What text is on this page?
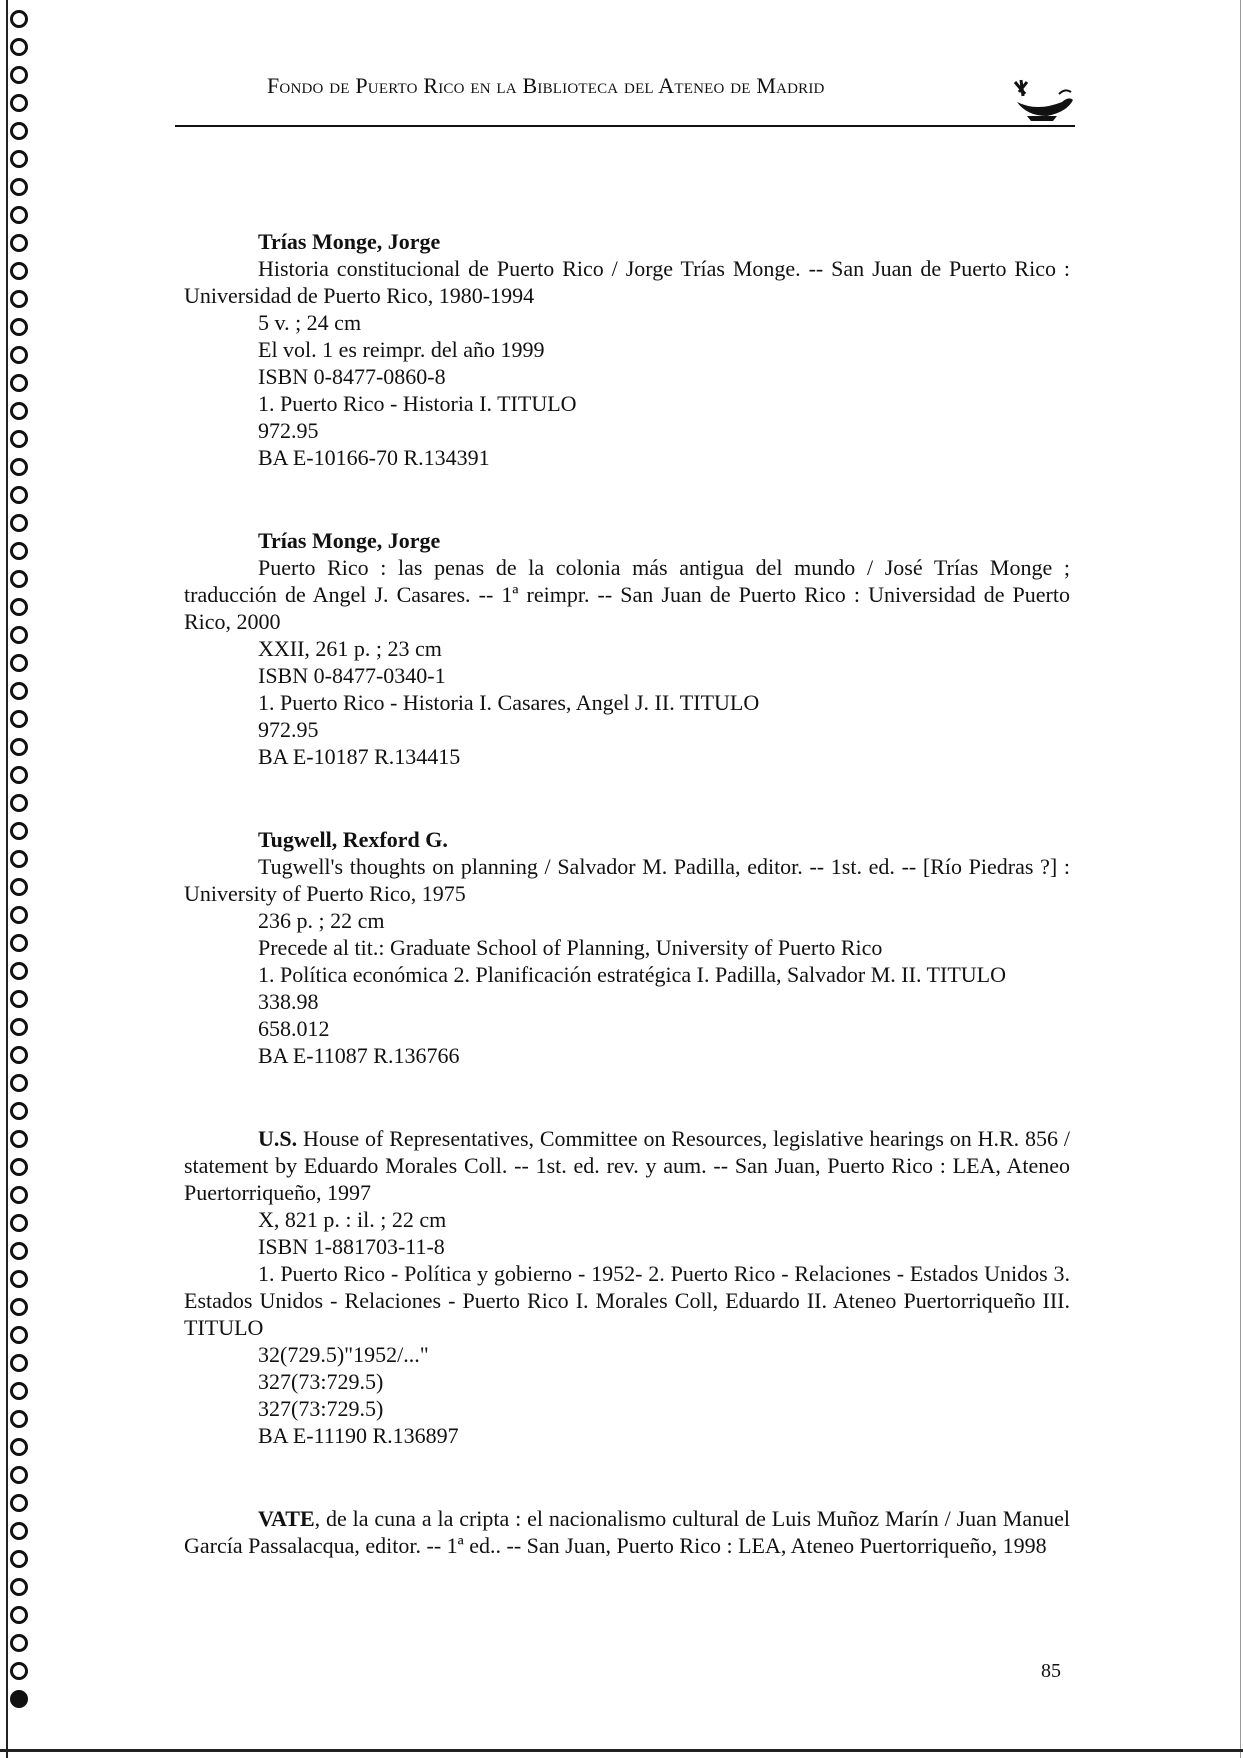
Fondo de Puerto Rico en la Biblioteca del Ateneo de Madrid
Trías Monge, Jorge
Historia constitucional de Puerto Rico / Jorge Trías Monge. -- San Juan de Puerto Rico : Universidad de Puerto Rico, 1980-1994
5 v. ; 24 cm
El vol. 1 es reimpr. del año 1999
ISBN 0-8477-0860-8
1. Puerto Rico - Historia I. TITULO
972.95
BA E-10166-70 R.134391
Trías Monge, Jorge
Puerto Rico : las penas de la colonia más antigua del mundo / José Trías Monge ; traducción de Angel J. Casares. -- 1ª reimpr. -- San Juan de Puerto Rico : Universidad de Puerto Rico, 2000
XXII, 261 p. ; 23 cm
ISBN 0-8477-0340-1
1. Puerto Rico - Historia I. Casares, Angel J. II. TITULO
972.95
BA E-10187 R.134415
Tugwell, Rexford G.
Tugwell's thoughts on planning / Salvador M. Padilla, editor. -- 1st. ed. -- [Río Piedras ?] : University of Puerto Rico, 1975
236 p. ; 22 cm
Precede al tit.: Graduate School of Planning, University of Puerto Rico
1. Política económica 2. Planificación estratégica I. Padilla, Salvador M. II. TITULO
338.98
658.012
BA E-11087 R.136766
U.S. House of Representatives, Committee on Resources, legislative hearings on H.R. 856 / statement by Eduardo Morales Coll. -- 1st. ed. rev. y aum. -- San Juan, Puerto Rico : LEA, Ateneo Puertorriqueño, 1997
X, 821 p. : il. ; 22 cm
ISBN 1-881703-11-8
1. Puerto Rico - Política y gobierno - 1952- 2. Puerto Rico - Relaciones - Estados Unidos 3. Estados Unidos - Relaciones - Puerto Rico I. Morales Coll, Eduardo II. Ateneo Puertorriqueño III. TITULO
32(729.5)"1952/..."
327(73:729.5)
327(73:729.5)
BA E-11190 R.136897
VATE, de la cuna a la cripta : el nacionalismo cultural de Luis Muñoz Marín / Juan Manuel García Passalacqua, editor. -- 1ª ed.. -- San Juan, Puerto Rico : LEA, Ateneo Puertorriqueño, 1998
85
